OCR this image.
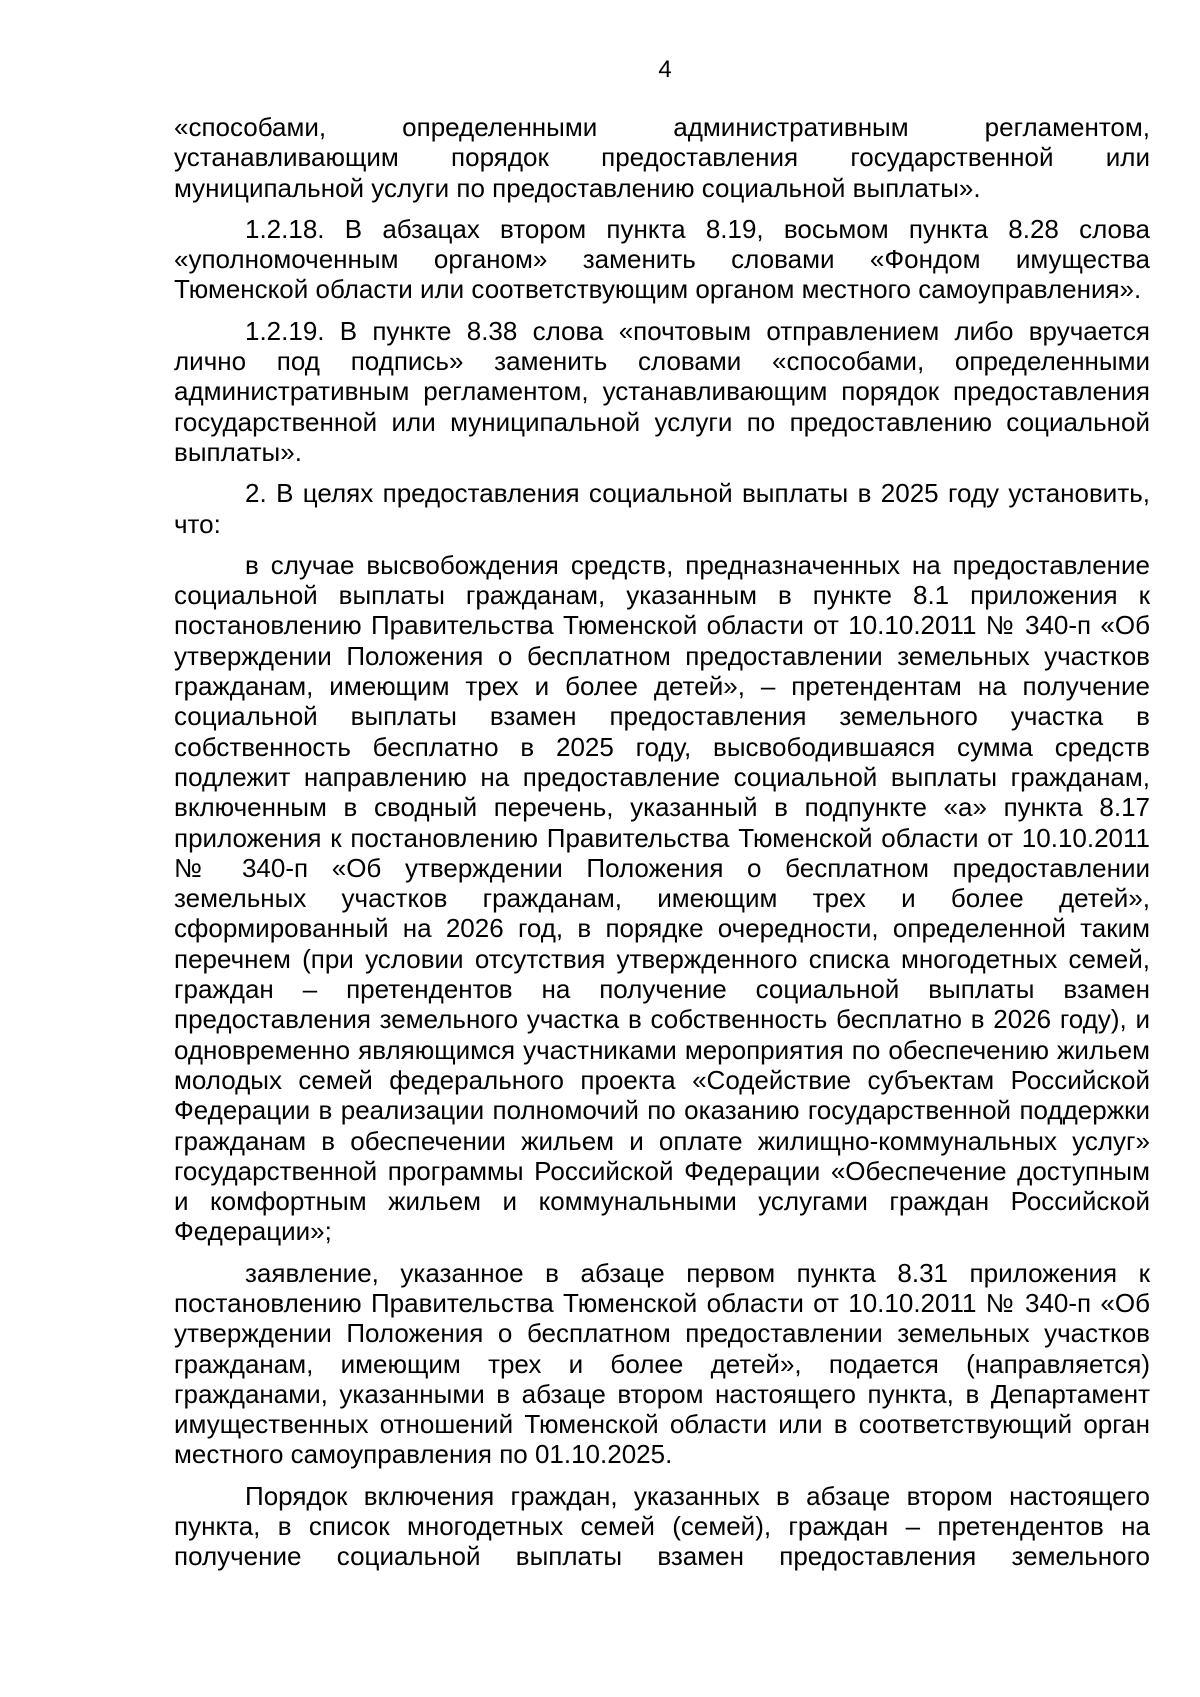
4

«способами, определенными административным регламентом, устанавливающим порядок предоставления государственной или муниципальной услуги по предоставлению социальной выплаты».

1.2.18. В абзацах втором пункта 8.19, восьмом пункта 8.28 слова «уполномоченным органом» заменить словами «Фондом имущества Тюменской области или соответствующим органом местного самоуправления».

1.2.19. В пункте 8.38 слова «почтовым отправлением либо вручается лично под подпись» заменить словами «способами, определенными административным регламентом, устанавливающим порядок предоставления государственной или муниципальной услуги по предоставлению социальной выплаты».

2. В целях предоставления социальной выплаты в 2025 году установить, что:

в случае высвобождения средств, предназначенных на предоставление социальной выплаты гражданам, указанным в пункте 8.1 приложения к постановлению Правительства Тюменской области от 10.10.2011 № 340-п «Об утверждении Положения о бесплатном предоставлении земельных участков гражданам, имеющим трех и более детей», – претендентам на получение социальной выплаты взамен предоставления земельного участка в собственность бесплатно в 2025 году, высвободившаяся сумма средств подлежит направлению на предоставление социальной выплаты гражданам, включенным в сводный перечень, указанный в подпункте «а» пункта 8.17 приложения к постановлению Правительства Тюменской области от 10.10.2011 № 340-п «Об утверждении Положения о бесплатном предоставлении земельных участков гражданам, имеющим трех и более детей», сформированный на 2026 год, в порядке очередности, определенной таким перечнем (при условии отсутствия утвержденного списка многодетных семей, граждан – претендентов на получение социальной выплаты взамен предоставления земельного участка в собственность бесплатно в 2026 году), и одновременно являющимся участниками мероприятия по обеспечению жильем молодых семей федерального проекта «Содействие субъектам Российской Федерации в реализации полномочий по оказанию государственной поддержки гражданам в обеспечении жильем и оплате жилищно-коммунальных услуг» государственной программы Российской Федерации «Обеспечение доступным и комфортным жильем и коммунальными услугами граждан Российской Федерации»;

заявление, указанное в абзаце первом пункта 8.31 приложения к постановлению Правительства Тюменской области от 10.10.2011 № 340-п «Об утверждении Положения о бесплатном предоставлении земельных участков гражданам, имеющим трех и более детей», подается (направляется) гражданами, указанными в абзаце втором настоящего пункта, в Департамент имущественных отношений Тюменской области или в соответствующий орган местного самоуправления по 01.10.2025.

Порядок включения граждан, указанных в абзаце втором настоящего пункта, в список многодетных семей (семей), граждан – претендентов на получение социальной выплаты взамен предоставления земельного
